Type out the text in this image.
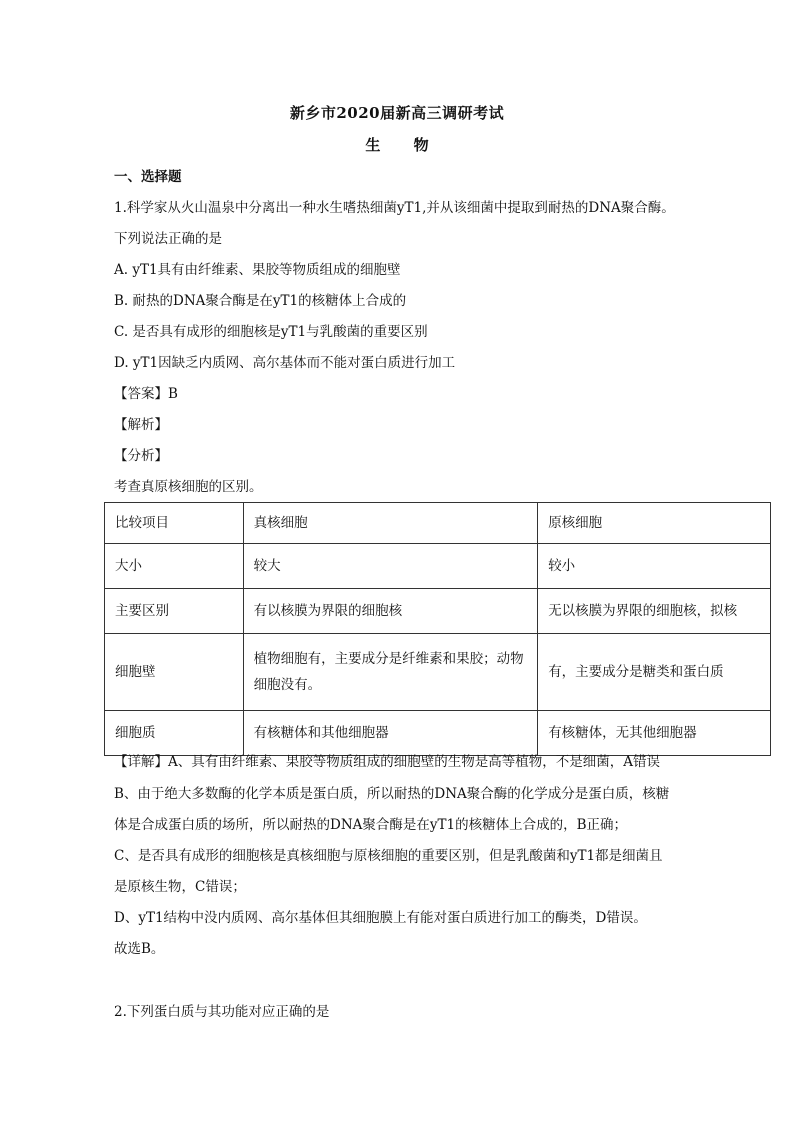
新乡市2020届新高三调研考试
生 物
一、选择题
1.科学家从火山温泉中分离出一种水生嗜热细菌yT1,并从该细菌中提取到耐热的DNA聚合酶。
下列说法正确的是
A. yT1具有由纤维素、果胶等物质组成的细胞壁
B. 耐热的DNA聚合酶是在yT1的核糖体上合成的
C. 是否具有成形的细胞核是yT1与乳酸菌的重要区别
D. yT1因缺乏内质网、高尔基体而不能对蛋白质进行加工
【答案】B
【解析】
【分析】
考查真原核细胞的区别。
比较项目	真核细胞	原核细胞
大小	较大	较小
主要区别	有以核膜为界限的细胞核	无以核膜为界限的细胞核，拟核
细胞壁	植物细胞有，主要成分是纤维素和果胶；动物细胞没有。	有，主要成分是糖类和蛋白质
细胞质	有核糖体和其他细胞器	有核糖体，无其他细胞器
【详解】A、具有由纤维素、果胶等物质组成的细胞壁的生物是高等植物，不是细菌，A错误
B、由于绝大多数酶的化学本质是蛋白质，所以耐热的DNA聚合酶的化学成分是蛋白质，核糖
体是合成蛋白质的场所，所以耐热的DNA聚合酶是在yT1的核糖体上合成的，B正确；
C、是否具有成形的细胞核是真核细胞与原核细胞的重要区别，但是乳酸菌和yT1都是细菌且
是原核生物，C错误；
D、yT1结构中没内质网、高尔基体但其细胞膜上有能对蛋白质进行加工的酶类，D错误。
故选B。
2.下列蛋白质与其功能对应正确的是
